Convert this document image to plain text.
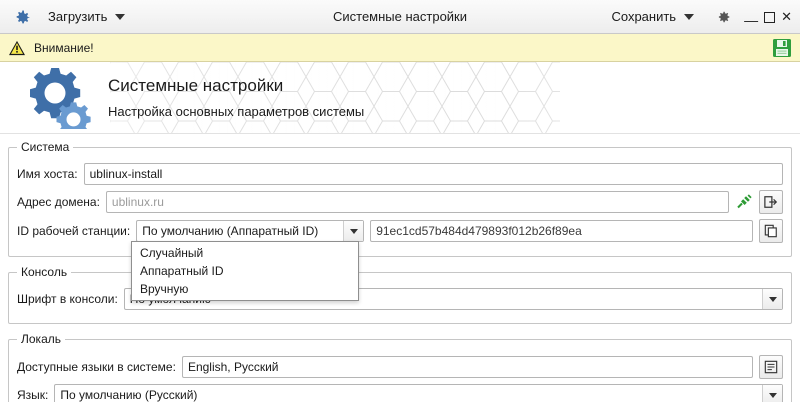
Загрузить	Системные настройки	Сохранить	— ✕
Внимание!
Системные настройки
Настройка основных параметров системы
Система
Имя хоста:	ublinux-install
Адрес домена:	ublinux.ru
ID рабочей станции: По умолчанию (Аппаратный ID)	91ec1cd57b484d479893f012b26f89ea
Консоль
Шрифт в консоли:
Локаль
Доступные языки в системе:	English, Русский
Язык: По умолчанию (Русский)
Случайный
Аппаратный ID
Вручную
